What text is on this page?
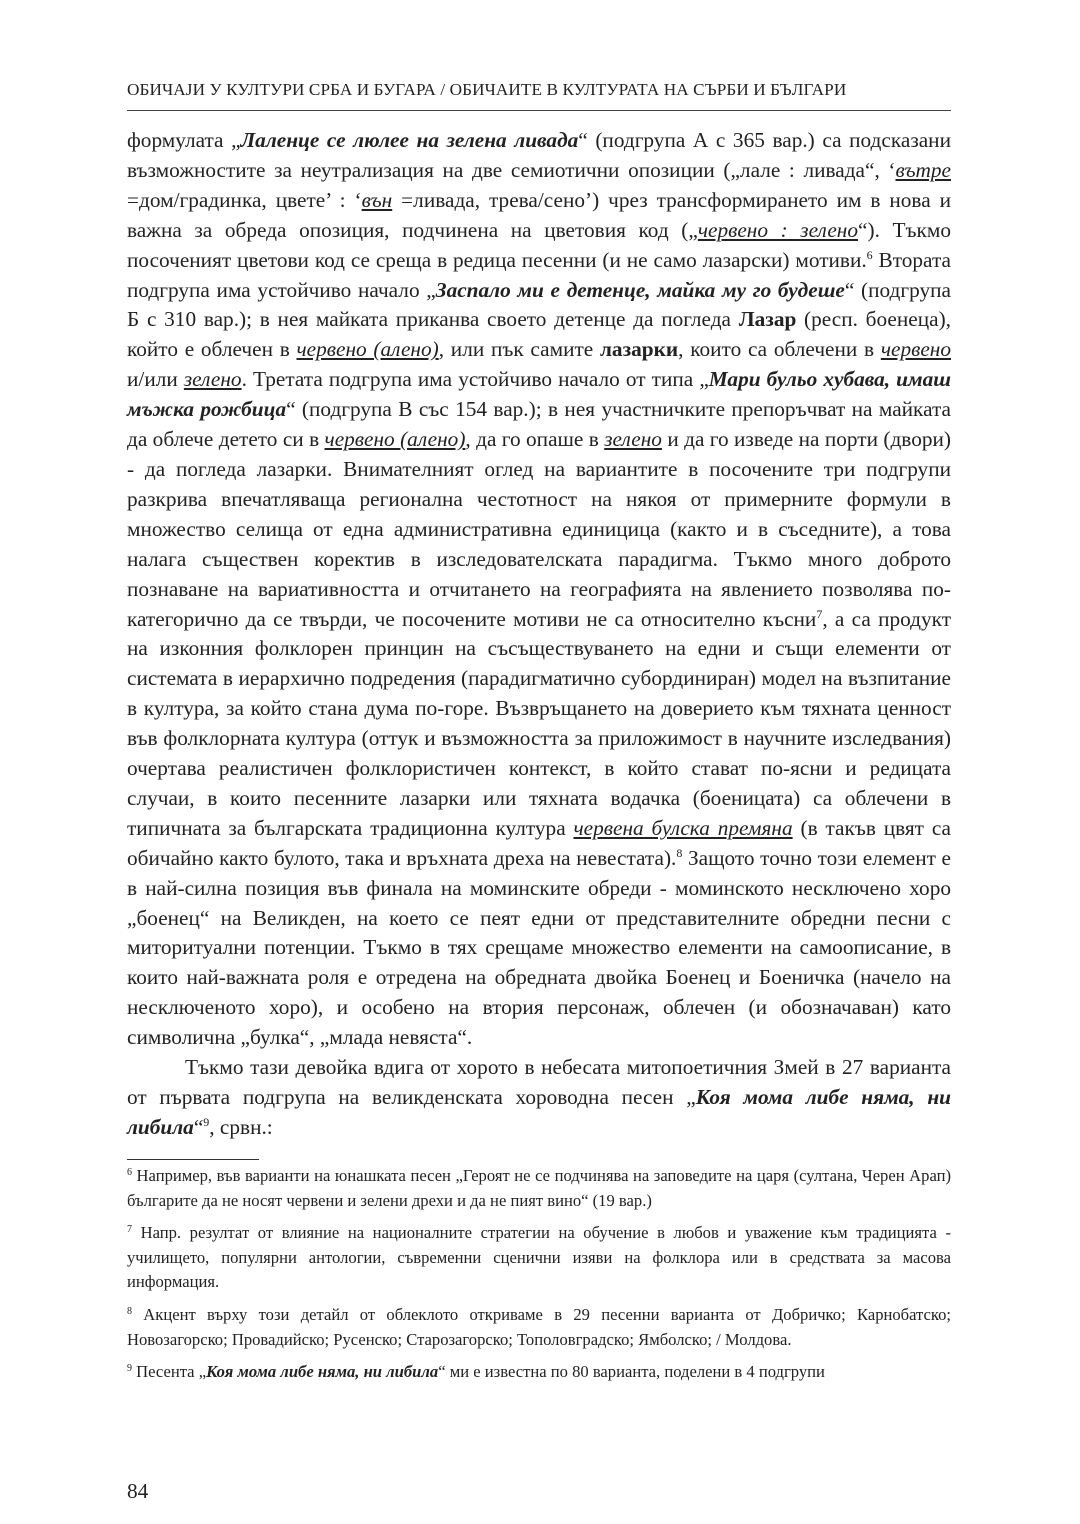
ОБИЧАЈИ У КУЛТУРИ СРБА И БУГАРА / ОБИЧАИТЕ В КУЛТУРАТА НА СЪРБИ И БЪЛГАРИ

формулата „Лаленце се люлее на зелена ливада“ (подгрупа А с 365 вар.) са подсказани възможностите за неутрализация на две семиотични опозиции („лале : ливада“, ‘вътре =дом/градинка, цвете’ : ‘вън =ливада, трева/сено’) чрез трансформирането им в нова и важна за обреда опозиция, подчинена на цветовия код („червено : зелено“). Тъкмо посоченият цветови код се среща в редица песенни (и не само лазарски) мотиви.$^6$ Втората подгрупа има устойчиво начало „Заспало ми е детенце, майка му го будеше“ (подгрупа Б с 310 вар.); в нея майката приканва своето детенце да погледа Лазар (респ. боенеца), който е облечен в червено (алено), или пък самите лазарки, които са облечени в червено и/или зелено. Третата подгрупа има устойчиво начало от типа „Мари бульо хубава, имаш мъжка рожбица“ (подгрупа В със 154 вар.); в нея участничките препоръчват на майката да облече детето си в червено (алено), да го опаше в зелено и да го изведе на порти (двори) - да погледа лазарки. Внимателният оглед на вариантите в посочените три подгрупи разкрива впечатляваща регионална честотност на някоя от примерните формули в множество селища от една административна единицица (както и в съседните), а това налага съществен коректив в изследователската парадигма. Тъкмо много доброто познаване на вариативността и отчитането на географията на явлението позволява по-категорично да се твърди, че посочените мотиви не са относително късни$^7$, а са продукт на изконния фолклорен принцин на съсъществуването на едни и същи елементи от системата в иерархично подредения (парадигматично субординиран) модел на възпитание в култура, за който стана дума по-горе. Възвръщането на доверието към тяхната ценност във фолклорната култура (оттук и възможността за приложимост в научните изследвания) очертава реалистичен фолклористичен контекст, в който стават по-ясни и редицата случаи, в които песенните лазарки или тяхната водачка (боеницата) са облечени в типичната за българската традиционна култура червена булска премяна (в такъв цвят са обичайно както булото, така и връхната дреха на невестата).$^8$ Защото точно този елемент е в най-силна позиция във финала на моминските обреди - моминското несключено хоро „боенец“ на Великден, на което се пеят едни от представителните обредни песни с миторитуални потенции. Тъкмо в тях срещаме множество елементи на самоописание, в които най-важната роля е отредена на обредната двойка Боенец и Боеничка (начело на несключеното хоро), и особено на втория персонаж, облечен (и обозначаван) като символична „булка“, „млада невяста“.

Тъкмо тази девойка вдига от хорото в небесата митопоетичния Змей в 27 варианта от първата подгрупа на великденската хороводна песен „Коя мома либе няма, ни либила“$^9$, срвн.:

$^6$ Например, във варианти на юнашката песен „Героят не се подчинява на заповедите на царя (султана, Черен Арап) българите да не носят червени и зелени дрехи и да не пият вино“ (19 вар.)

$^7$ Напр. резултат от влияние на националните стратегии на обучение в любов и уважение към традицията - училището, популярни антологии, съвременни сценични изяви на фолклора или в средствата за масова информация.

$^8$ Акцент върху този детайл от облеклото откриваме в 29 песенни варианта от Добричко; Карнобатско; Новозагорско; Провадийско; Русенско; Старозагорско; Тополовградско; Ямболско; / Молдова.

$^9$ Песента „Коя мома либе няма, ни либила“ ми е известна по 80 варианта, поделени в 4 подгрупи

84
